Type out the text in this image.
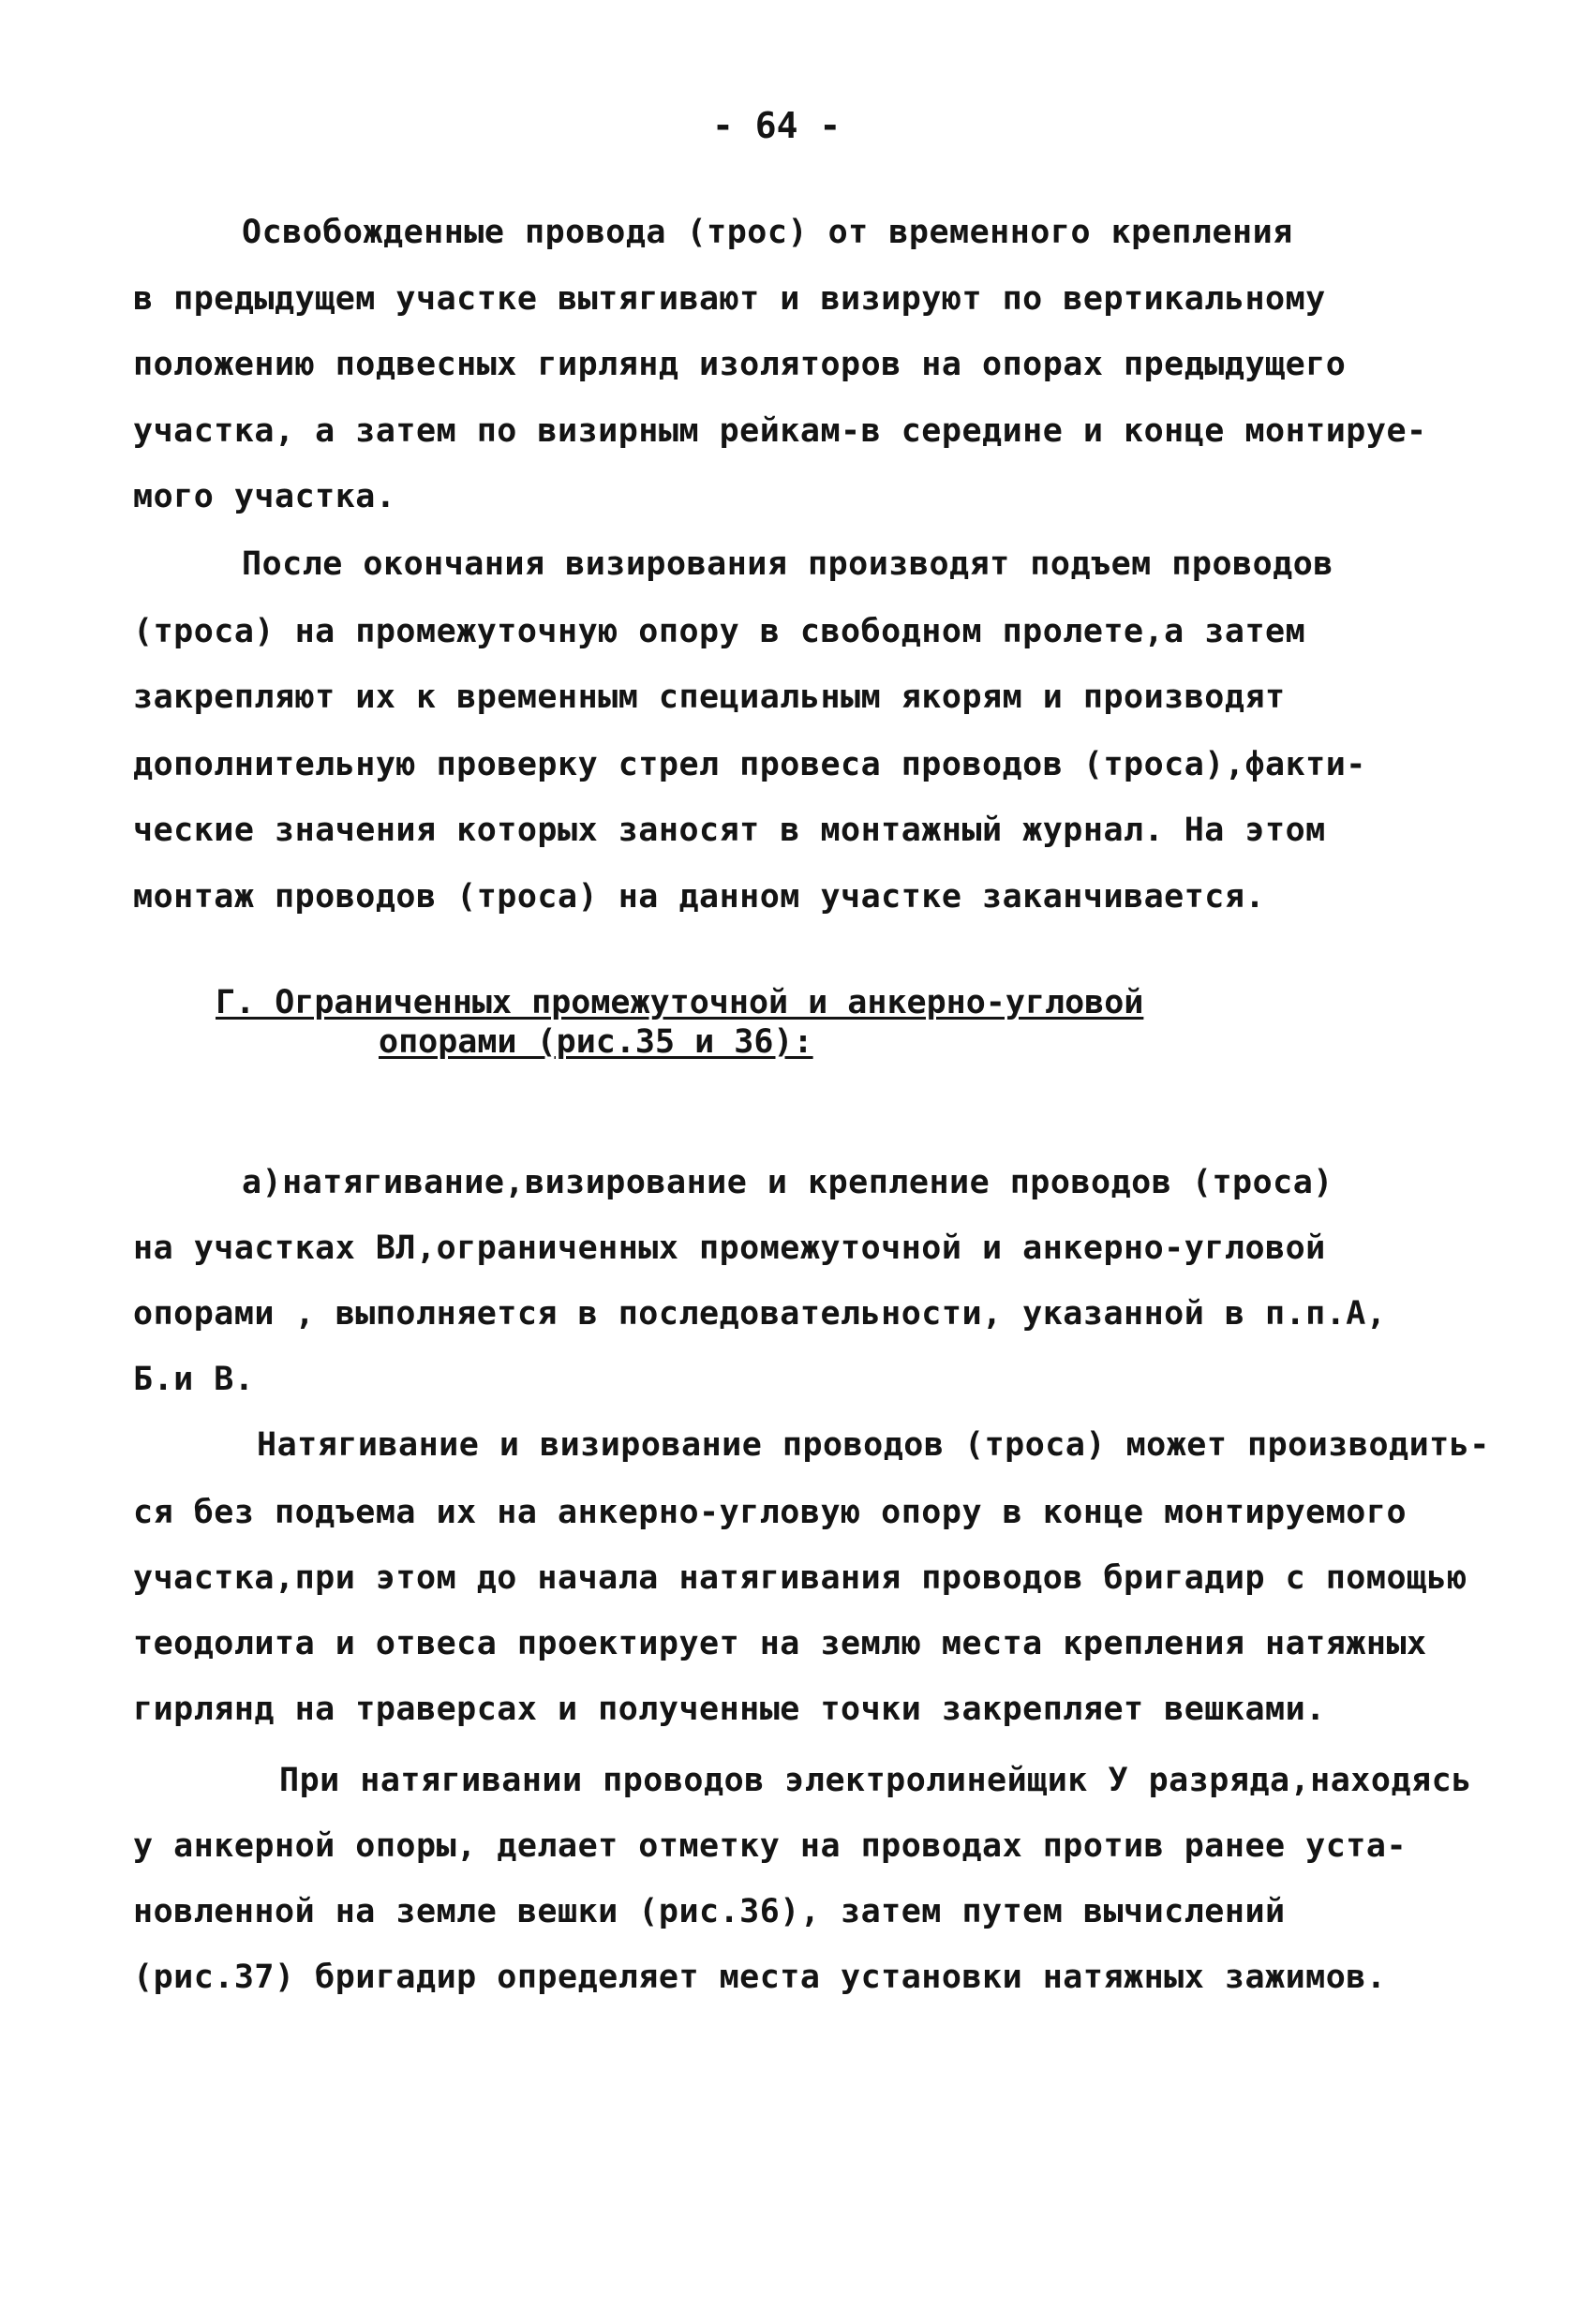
- 64 -
Освобожденные провода (трос) от временного крепления
в предыдущем участке вытягивают и визируют по вертикальному
положению подвесных гирлянд изоляторов на опорах предыдущего
участка, а затем по визирным рейкам-в середине и конце монтируе-
мого участка.
После окончания визирования производят подъем проводов
(троса) на промежуточную опору в свободном пролете,а затем
закрепляют их к временным специальным якорям и производят
дополнительную проверку стрел провеса проводов (троса),факти-
ческие значения которых заносят в монтажный журнал. На этом
монтаж проводов (троса) на данном участке заканчивается.
Г. Ограниченных промежуточной и анкерно-угловой
опорами (рис.35 и 36):
а)натягивание,визирование и крепление проводов (троса)
на участках ВЛ,ограниченных промежуточной и анкерно-угловой
опорами , выполняется в последовательности, указанной в п.п.А,
Б.и В.
Натягивание и визирование проводов (троса) может производить-
ся без подъема их на анкерно-угловую опору в конце монтируемого
участка,при этом до начала натягивания проводов бригадир с помощью
теодолита и отвеса проектирует на землю места крепления натяжных
гирлянд на траверсах и полученные точки закрепляет вешками.
При натягивании проводов электролинейщик У разряда,находясь
у анкерной опоры, делает отметку на проводах против ранее уста-
новленной на земле вешки (рис.36), затем путем вычислений
(рис.37) бригадир определяет места установки натяжных зажимов.
